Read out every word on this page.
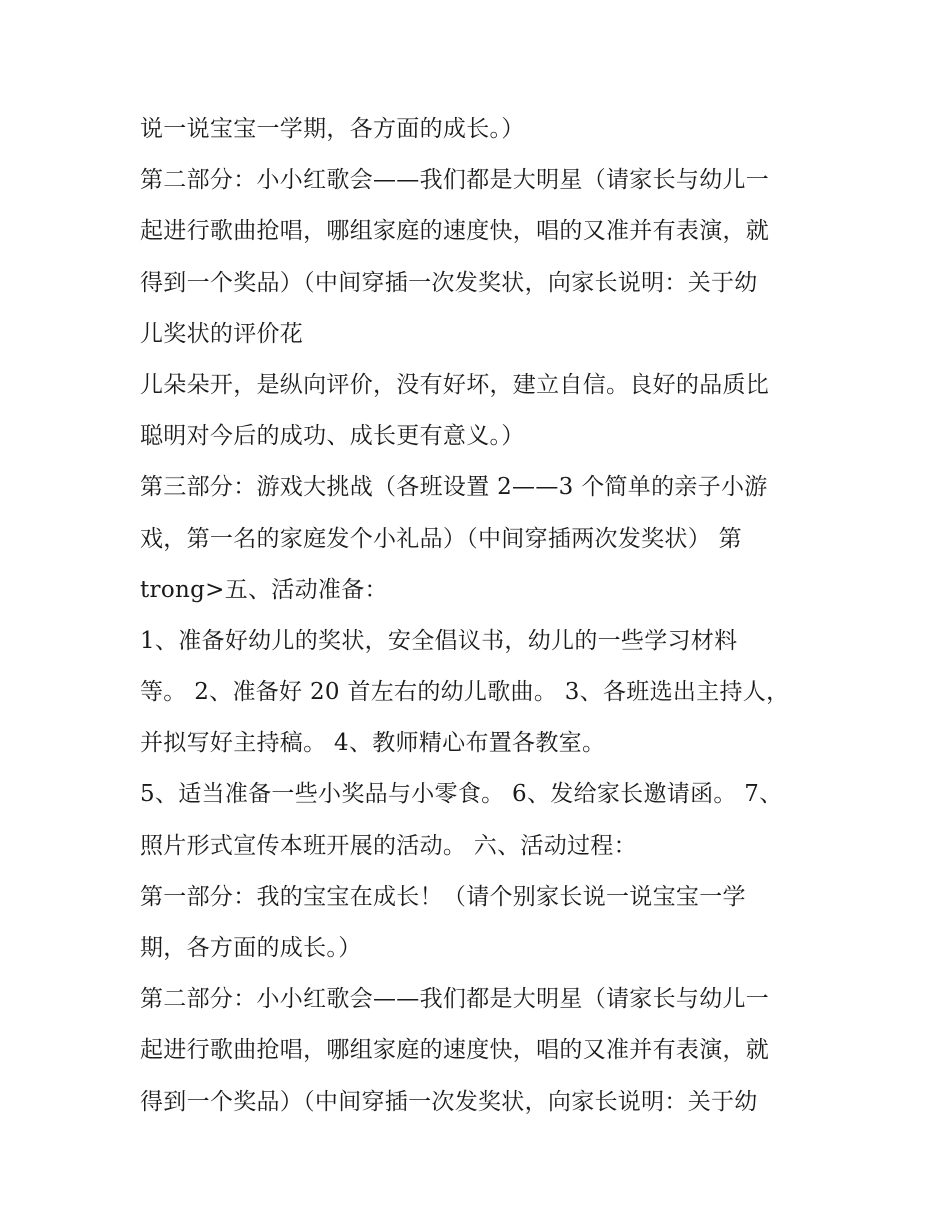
说一说宝宝一学期，各方面的成长。）
第二部分：小小红歌会——我们都是大明星（请家长与幼儿一
起进行歌曲抢唱，哪组家庭的速度快，唱的又准并有表演，就
得到一个奖品）（中间穿插一次发奖状，向家长说明：关于幼
儿奖状的评价花
儿朵朵开，是纵向评价，没有好坏，建立自信。良好的品质比
聪明对今后的成功、成长更有意义。）
第三部分：游戏大挑战（各班设置 2——3 个简单的亲子小游
戏，第一名的家庭发个小礼品）（中间穿插两次发奖状） 第
trong>五、活动准备：
1、准备好幼儿的奖状，安全倡议书，幼儿的一些学习材料
等。 2、准备好 20 首左右的幼儿歌曲。 3、各班选出主持人，
并拟写好主持稿。 4、教师精心布置各教室。
5、适当准备一些小奖品与小零食。 6、发给家长邀请函。 7、
照片形式宣传本班开展的活动。 六、活动过程：
第一部分：我的宝宝在成长！（请个别家长说一说宝宝一学
期，各方面的成长。）
第二部分：小小红歌会——我们都是大明星（请家长与幼儿一
起进行歌曲抢唱，哪组家庭的速度快，唱的又准并有表演，就
得到一个奖品）（中间穿插一次发奖状，向家长说明：关于幼
